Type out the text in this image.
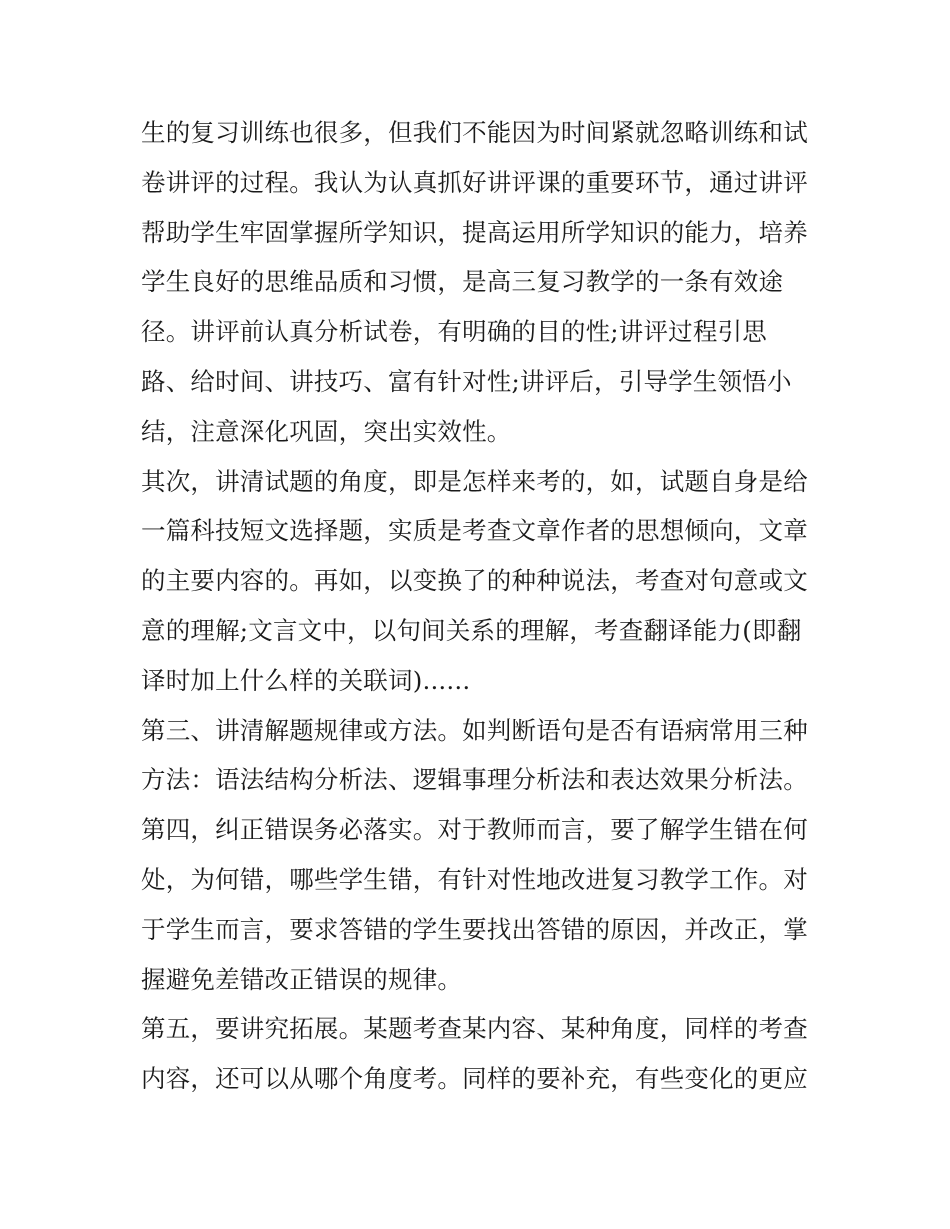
生的复习训练也很多，但我们不能因为时间紧就忽略训练和试
卷讲评的过程。我认为认真抓好讲评课的重要环节，通过讲评
帮助学生牢固掌握所学知识，提高运用所学知识的能力，培养
学生良好的思维品质和习惯，是高三复习教学的一条有效途
径。讲评前认真分析试卷，有明确的目的性;讲评过程引思
路、给时间、讲技巧、富有针对性;讲评后，引导学生领悟小
结，注意深化巩固，突出实效性。
其次，讲清试题的角度，即是怎样来考的，如，试题自身是给
一篇科技短文选择题，实质是考查文章作者的思想倾向，文章
的主要内容的。再如，以变换了的种种说法，考查对句意或文
意的理解;文言文中，以句间关系的理解，考查翻译能力(即翻
译时加上什么样的关联词)......
第三、讲清解题规律或方法。如判断语句是否有语病常用三种
方法：语法结构分析法、逻辑事理分析法和表达效果分析法。
第四，纠正错误务必落实。对于教师而言，要了解学生错在何
处，为何错，哪些学生错，有针对性地改进复习教学工作。对
于学生而言，要求答错的学生要找出答错的原因，并改正，掌
握避免差错改正错误的规律。
第五，要讲究拓展。某题考查某内容、某种角度，同样的考查
内容，还可以从哪个角度考。同样的要补充，有些变化的更应
